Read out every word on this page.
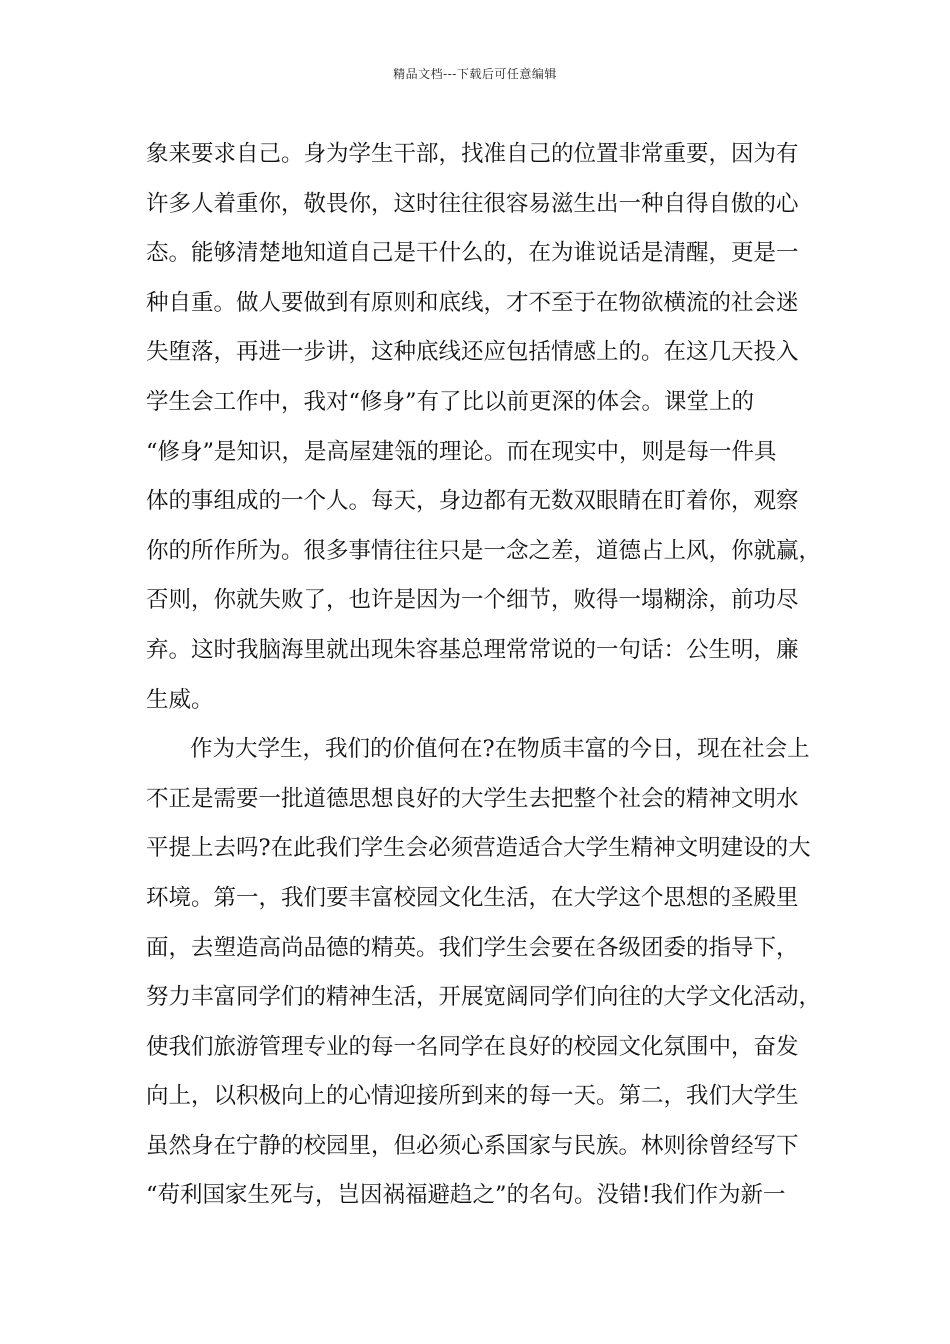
精品文档---下载后可任意编辑
象来要求自己。身为学生干部，找准自己的位置非常重要，因为有
许多人着重你，敬畏你，这时往往很容易滋生出一种自得自傲的心
态。能够清楚地知道自己是干什么的，在为谁说话是清醒，更是一
种自重。做人要做到有原则和底线，才不至于在物欲横流的社会迷
失堕落，再进一步讲，这种底线还应包括情感上的。在这几天投入
学生会工作中，我对“修身”有了比以前更深的体会。课堂上的
“修身”是知识，是高屋建瓴的理论。而在现实中，则是每一件具
体的事组成的一个人。每天，身边都有无数双眼睛在盯着你，观察
你的所作所为。很多事情往往只是一念之差，道德占上风，你就赢，
否则，你就失败了，也许是因为一个细节，败得一塌糊涂，前功尽
弃。这时我脑海里就出现朱容基总理常常说的一句话：公生明，廉
生威。
作为大学生，我们的价值何在?在物质丰富的今日，现在社会上
不正是需要一批道德思想良好的大学生去把整个社会的精神文明水
平提上去吗?在此我们学生会必须营造适合大学生精神文明建设的大
环境。第一，我们要丰富校园文化生活，在大学这个思想的圣殿里
面，去塑造高尚品德的精英。我们学生会要在各级团委的指导下，
努力丰富同学们的精神生活，开展宽阔同学们向往的大学文化活动，
使我们旅游管理专业的每一名同学在良好的校园文化氛围中，奋发
向上，以积极向上的心情迎接所到来的每一天。第二，我们大学生
虽然身在宁静的校园里，但必须心系国家与民族。林则徐曾经写下
“苟利国家生死与，岂因祸福避趋之”的名句。没错!我们作为新一
